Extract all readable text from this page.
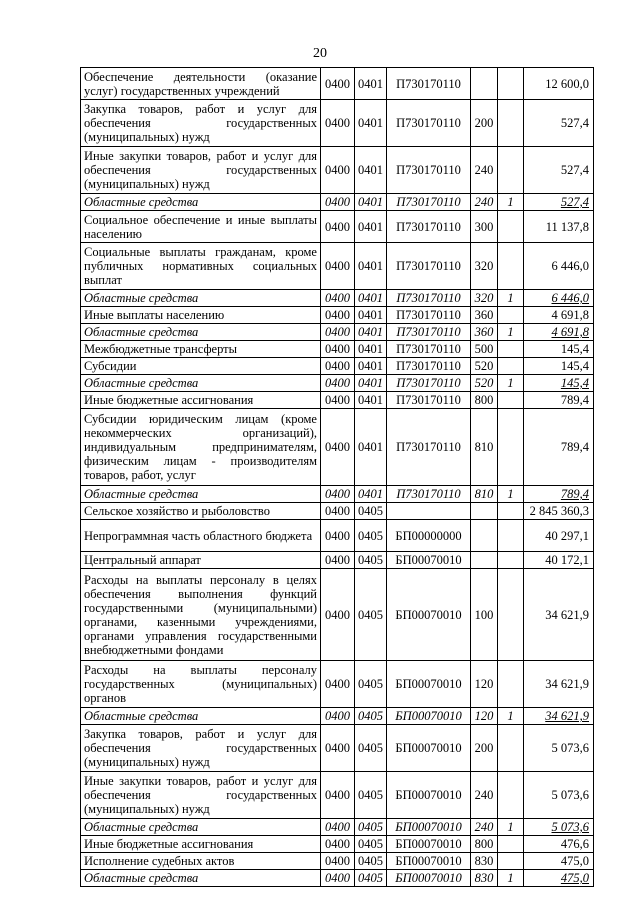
20
Обеспечение деятельности (оказание услуг) государственных учреждений	0400	0401	П730170110			12 600,0
Закупка товаров, работ и услуг для обеспечения государственных (муниципальных) нужд	0400	0401	П730170110	200		527,4
Иные закупки товаров, работ и услуг для обеспечения государственных (муниципальных) нужд	0400	0401	П730170110	240		527,4
Областные средства	0400	0401	П730170110	240	1	527,4
Социальное обеспечение и иные выплаты населению	0400	0401	П730170110	300		11 137,8
Социальные выплаты гражданам, кроме публичных нормативных социальных выплат	0400	0401	П730170110	320		6 446,0
Областные средства	0400	0401	П730170110	320	1	6 446,0
Иные выплаты населению	0400	0401	П730170110	360		4 691,8
Областные средства	0400	0401	П730170110	360	1	4 691,8
Межбюджетные трансферты	0400	0401	П730170110	500		145,4
Субсидии	0400	0401	П730170110	520		145,4
Областные средства	0400	0401	П730170110	520	1	145,4
Иные бюджетные ассигнования	0400	0401	П730170110	800		789,4
Субсидии юридическим лицам (кроме некоммерческих организаций), индивидуальным предпринимателям, физическим лицам - производителям товаров, работ, услуг	0400	0401	П730170110	810		789,4
Областные средства	0400	0401	П730170110	810	1	789,4
Сельское хозяйство и рыболовство	0400	0405				2 845 360,3
Непрограммная часть областного бюджета	0400	0405	БП00000000			40 297,1
Центральный аппарат	0400	0405	БП00070010			40 172,1
Расходы на выплаты персоналу в целях обеспечения выполнения функций государственными (муниципальными) органами, казенными учреждениями, органами управления государственными внебюджетными фондами	0400	0405	БП00070010	100		34 621,9
Расходы на выплаты персоналу государственных (муниципальных) органов	0400	0405	БП00070010	120		34 621,9
Областные средства	0400	0405	БП00070010	120	1	34 621,9
Закупка товаров, работ и услуг для обеспечения государственных (муниципальных) нужд	0400	0405	БП00070010	200		5 073,6
Иные закупки товаров, работ и услуг для обеспечения государственных (муниципальных) нужд	0400	0405	БП00070010	240		5 073,6
Областные средства	0400	0405	БП00070010	240	1	5 073,6
Иные бюджетные ассигнования	0400	0405	БП00070010	800		476,6
Исполнение судебных актов	0400	0405	БП00070010	830		475,0
Областные средства	0400	0405	БП00070010	830	1	475,0
